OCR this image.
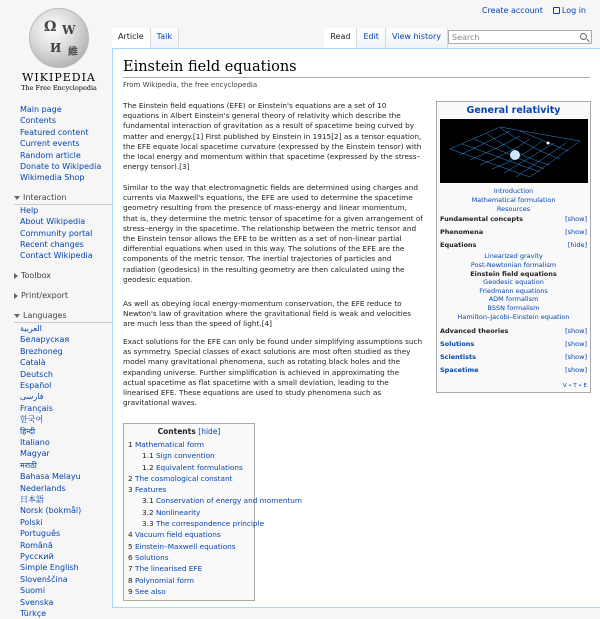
Create account	Log in
Ω W
И 維
WIKIPEDIA
The Free Encyclopedia
Main page
Contents
Featured content
Current events
Random article
Donate to Wikipedia
Wikimedia Shop
Interaction
Help
About Wikipedia
Community portal
Recent changes
Contact Wikipedia
Toolbox
Print/export
Languages
العربية
Беларуская
Brezhoneg
Català
Deutsch
Español
فارسی
Français
한국어
हिन्दी
Italiano
Magyar
मराठी
Bahasa Melayu
Nederlands
日本語
Norsk (bokmål)
Polski
Português
Română
Русский
Simple English
Slovenščina
Suomi
Svenska
Türkçe
Article	Talk	Read	Edit	View history	Search
Einstein field equations
From Wikipedia, the free encyclopedia
The Einstein field equations (EFE) or Einstein's equations are a set of 10 equations in Albert Einstein's general theory of relativity which describe the fundamental interaction of gravitation as a result of spacetime being curved by matter and energy.[1] First published by Einstein in 1915[2] as a tensor equation, the EFE equate local spacetime curvature (expressed by the Einstein tensor) with the local energy and momentum within that spacetime (expressed by the stress–energy tensor).[3]
Similar to the way that electromagnetic fields are determined using charges and currents via Maxwell's equations, the EFE are used to determine the spacetime geometry resulting from the presence of mass-energy and linear momentum, that is, they determine the metric tensor of spacetime for a given arrangement of stress–energy in the spacetime. The relationship between the metric tensor and the Einstein tensor allows the EFE to be written as a set of non-linear partial differential equations when used in this way. The solutions of the EFE are the components of the metric tensor. The inertial trajectories of particles and radiation (geodesics) in the resulting geometry are then calculated using the geodesic equation.
As well as obeying local energy-momentum conservation, the EFE reduce to Newton's law of gravitation where the gravitational field is weak and velocities are much less than the speed of light.[4]
Exact solutions for the EFE can only be found under simplifying assumptions such as symmetry. Special classes of exact solutions are most often studied as they model many gravitational phenomena, such as rotating black holes and the expanding universe. Further simplification is achieved in approximating the actual spacetime as flat spacetime with a small deviation, leading to the linearised EFE. These equations are used to study phenomena such as gravitational waves.
General relativity
Introduction
Mathematical formulation
Resources
Fundamental concepts	[show]
Phenomena	[show]
Equations	[hide]
Linearized gravity
Post-Newtonian formalism
Einstein field equations
Geodesic equation
Friedmann equations
ADM formalism
BSSN formalism
Hamilton–Jacobi–Einstein equation
Advanced theories	[show]
Solutions	[show]
Scientists	[show]
Spacetime	[show]
V • T • E
Contents [hide]
1 Mathematical form
1.1 Sign convention
1.2 Equivalent formulations
2 The cosmological constant
3 Features
3.1 Conservation of energy and momentum
3.2 Nonlinearity
3.3 The correspondence principle
4 Vacuum field equations
5 Einstein–Maxwell equations
6 Solutions
7 The linearised EFE
8 Polynomial form
9 See also
